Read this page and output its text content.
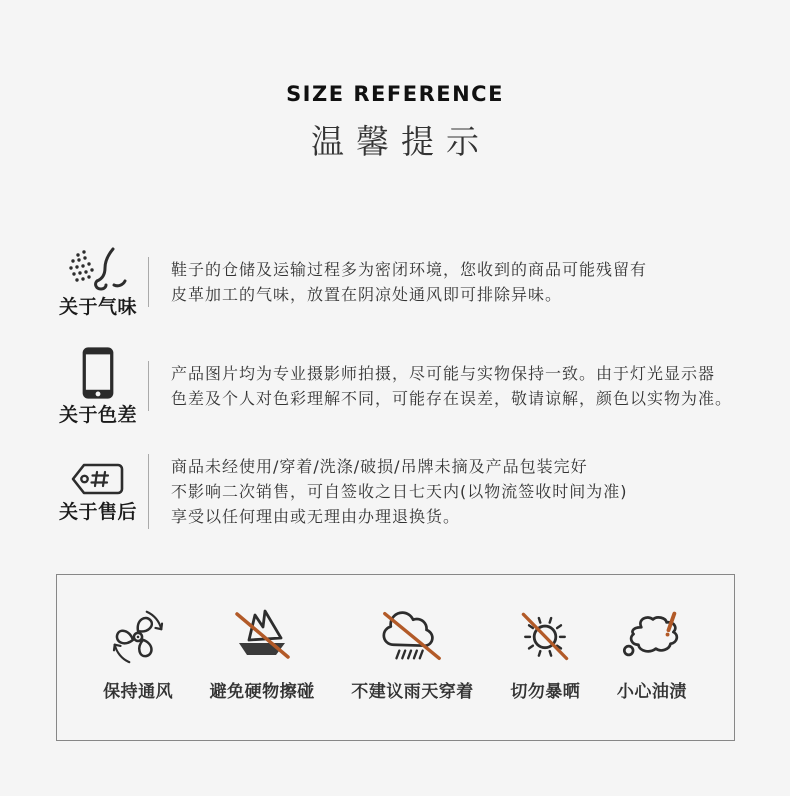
SIZE REFERENCE
温馨提示
关于气味
鞋子的仓储及运输过程多为密闭环境，您收到的商品可能残留有
皮革加工的气味，放置在阴凉处通风即可排除异味。
关于色差
产品图片均为专业摄影师拍摄，尽可能与实物保持一致。由于灯光显示器
色差及个人对色彩理解不同，可能存在误差，敬请谅解，颜色以实物为准。
关于售后
商品未经使用/穿着/洗涤/破损/吊牌未摘及产品包装完好
不影响二次销售，可自签收之日七天内(以物流签收时间为准)
享受以任何理由或无理由办理退换货。
保持通风 避免硬物擦碰 不建议雨天穿着 切勿暴晒 小心油渍
